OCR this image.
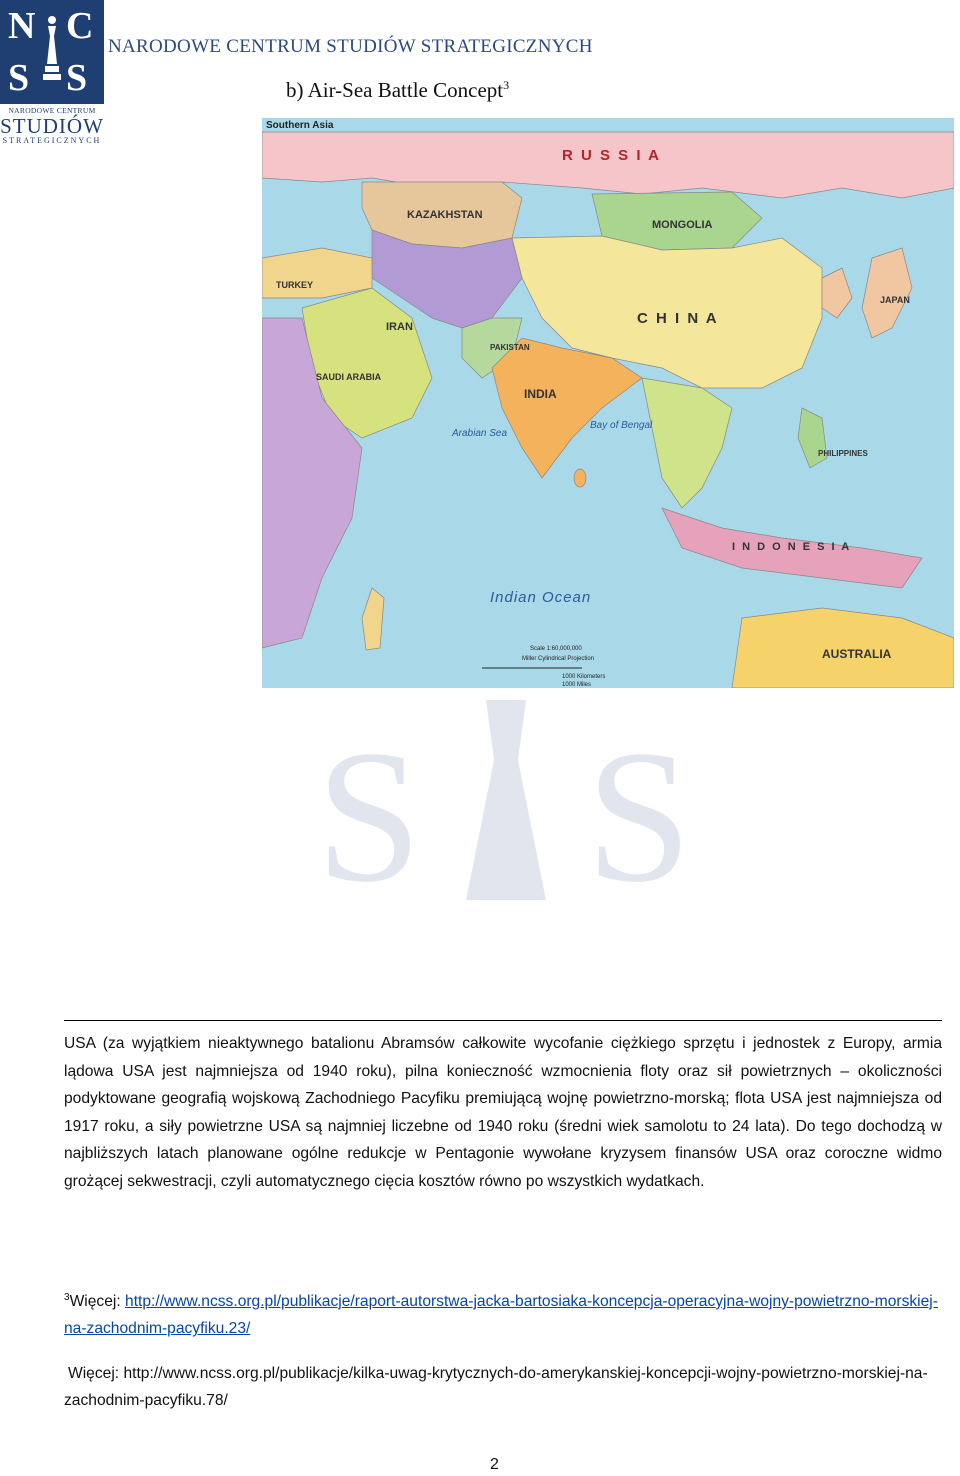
N C
S S
NARODOWE CENTRUM
STUDIÓW
STRATEGICZNYCH
NARODOWE CENTRUM STUDIÓW STRATEGICZNYCH
b) Air-Sea Battle Concept$^3$
S S
Southern Asia
R U S S I A
KAZAKHSTAN
MONGOLIA
C H I N A
INDIA
IRAN
TURKEY
SAUDI ARABIA
PAKISTAN
AUSTRALIA
I N D O N E S I A
Indian Ocean
Arabian Sea
Bay of Bengal
JAPAN
PHILIPPINES
Scale 1:60,000,000
Miller Cylindrical Projection
1000 Kilometers
1000 Miles
USA (za wyjątkiem nieaktywnego batalionu Abramsów całkowite wycofanie ciężkiego sprzętu i jednostek z Europy, armia lądowa USA jest najmniejsza od 1940 roku), pilna konieczność wzmocnienia floty oraz sił powietrznych – okoliczności podyktowane geografią wojskową Zachodniego Pacyfiku premiującą wojnę powietrzno-morską; flota USA jest najmniejsza od 1917 roku, a siły powietrzne USA są najmniej liczebne od 1940 roku (średni wiek samolotu to 24 lata). Do tego dochodzą w najbliższych latach planowane ogólne redukcje w Pentagonie wywołane kryzysem finansów USA oraz coroczne widmo grożącej sekwestracji, czyli automatycznego cięcia kosztów równo po wszystkich wydatkach.
$^3$Więcej: http://www.ncss.org.pl/publikacje/raport-autorstwa-jacka-bartosiaka-koncepcja-operacyjna-wojny-powietrzno-morskiej-na-zachodnim-pacyfiku.23/
Więcej: http://www.ncss.org.pl/publikacje/kilka-uwag-krytycznych-do-amerykanskiej-koncepcji-wojny-powietrzno-morskiej-na-zachodnim-pacyfiku.78/
2
